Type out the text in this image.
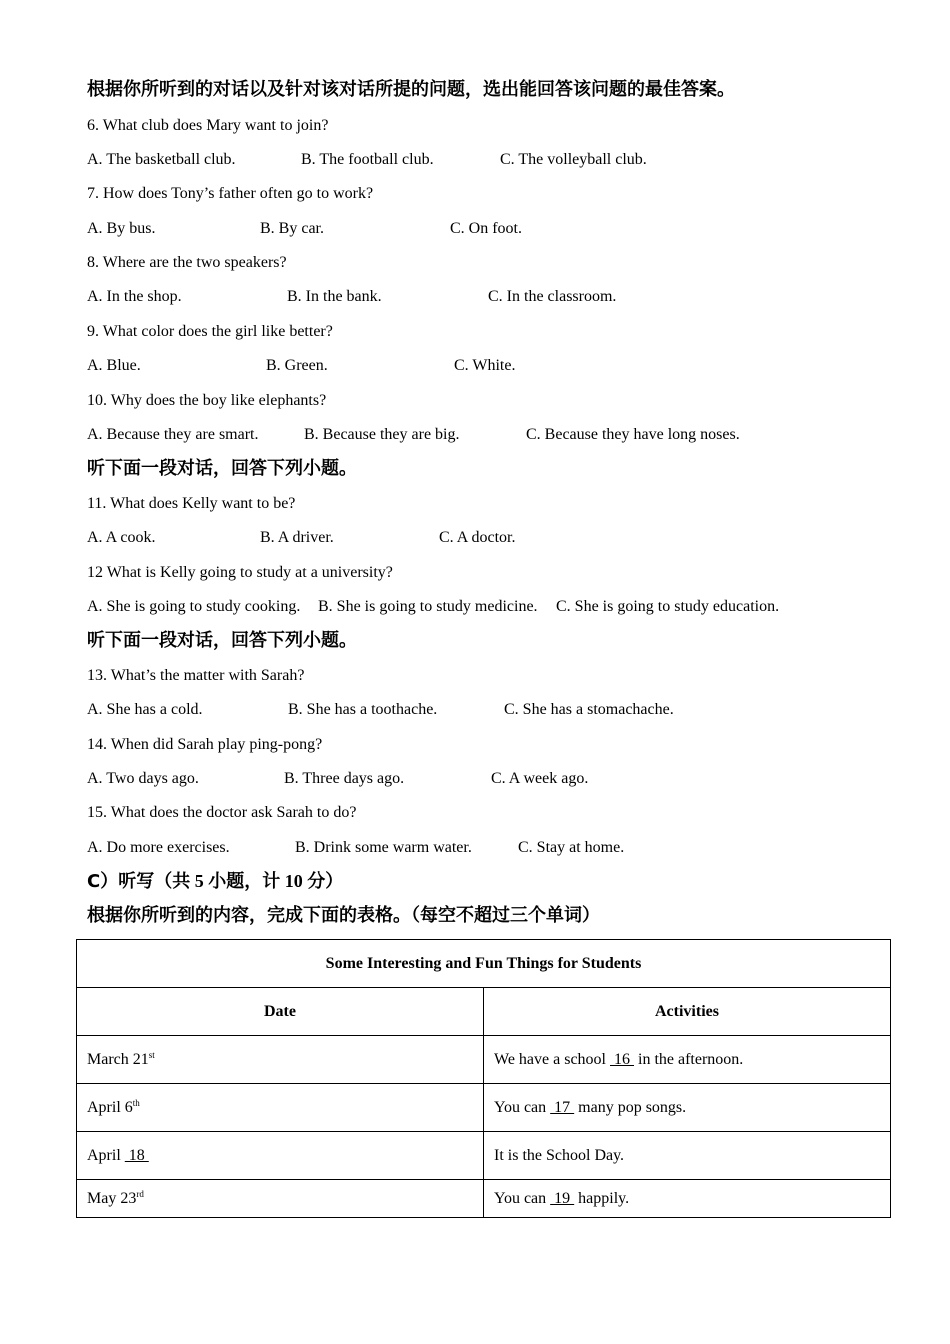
根据你所听到的对话以及针对该对话所提的问题，选出能回答该问题的最佳答案。
6. What club does Mary want to join?
A. The basketball club.	B. The football club.	C. The volleyball club.
7. How does Tony’s father often go to work?
A. By bus.	B. By car.	C. On foot.
8. Where are the two speakers?
A. In the shop.	B. In the bank.	C. In the classroom.
9. What color does the girl like better?
A. Blue.	B. Green.	C. White.
10. Why does the boy like elephants?
A. Because they are smart.	B. Because they are big.	C. Because they have long noses.
听下面一段对话，回答下列小题。
11. What does Kelly want to be?
A. A cook.	B. A driver.	C. A doctor.
12 What is Kelly going to study at a university?
A. She is going to study cooking. B. She is going to study medicine. C. She is going to study education.
听下面一段对话，回答下列小题。
13. What’s the matter with Sarah?
A. She has a cold.	B. She has a toothache.	C. She has a stomachache.
14. When did Sarah play ping-pong?
A. Two days ago.	B. Three days ago.	C. A week ago.
15. What does the doctor ask Sarah to do?
A. Do more exercises.	B. Drink some warm water.	C. Stay at home.
C）听写（共 5 小题，计 10 分）
根据你所听到的内容，完成下面的表格。（每空不超过三个单词）
Some Interesting and Fun Things for Students	
Date	Activities
March 21st	We have a school  16  in the afternoon.
April 6th	You can  17  many pop songs.
April  18	It is the School Day.
May 23rd	You can  19  happily.
